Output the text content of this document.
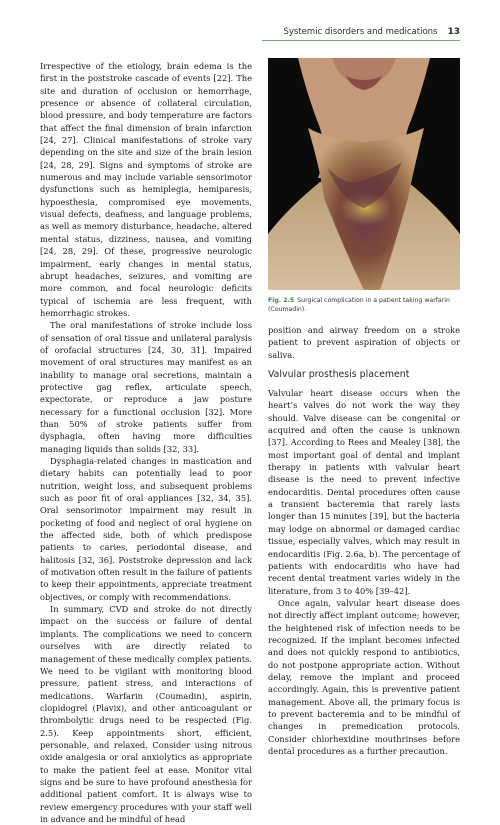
Systemic disorders and medications 13

Irrespective of the etiology, brain edema is the first in the poststroke cascade of events [22]. The site and duration of occlusion or hemorrhage, presence or absence of collateral circulation, blood pressure, and body temperature are factors that affect the final dimension of brain infarction [24, 27]. Clinical manifestations of stroke vary depending on the site and size of the brain lesion [24, 28, 29]. Signs and symptoms of stroke are numerous and may include variable sensorimotor dysfunctions such as hemiplegia, hemiparesis, hypoesthesia, compromised eye movements, visual defects, deafness, and language problems, as well as memory disturbance, headache, altered mental status, dizziness, nausea, and vomiting [24, 28, 29]. Of these, progressive neurologic impairment, early changes in mental status, abrupt headaches, seizures, and vomiting are more common, and focal neurologic deficits typical of ischemia are less frequent, with hemorrhagic strokes.

The oral manifestations of stroke include loss of sensation of oral tissue and unilateral paralysis of orofacial structures [24, 30, 31]. Impaired movement of oral structures may manifest as an inability to manage oral secretions, maintain a protective gag reflex, articulate speech, expectorate, or reproduce a jaw posture necessary for a functional occlusion [32]. More than 50% of stroke patients suffer from dysphagia, often having more difficulties managing liquids than solids [32, 33].

Dysphagia-related changes in mastication and dietary habits can potentially lead to poor nutrition, weight loss, and subsequent problems such as poor fit of oral appliances [32, 34, 35]. Oral sensorimotor impairment may result in pocketing of food and neglect of oral hygiene on the affected side, both of which predispose patients to caries, periodontal disease, and halitosis [32, 36]. Poststroke depression and lack of motivation often result in the failure of patients to keep their appointments, appreciate treatment objectives, or comply with recommendations.

In summary, CVD and stroke do not directly impact on the success or failure of dental implants. The complications we need to concern ourselves with are directly related to management of these medically complex patients. We need to be vigilant with monitoring blood pressure, patient stress, and interactions of medications. Warfarin (Coumadin), aspirin, clopidogrel (Plavix), and other anticoagulant or thrombolytic drugs need to be respected (Fig. 2.5). Keep appointments short, efficient, personable, and relaxed. Consider using nitrous oxide analgesia or oral anxiolytics as appropriate to make the patient feel at ease. Monitor vital signs and be sure to have profound anesthesia for additional patient comfort. It is always wise to review emergency procedures with your staff well in advance and be mindful of head

Fig. 2.5 Surgical complication in a patient taking warfarin (Coumadin).

position and airway freedom on a stroke patient to prevent aspiration of objects or saliva.

Valvular prosthesis placement

Valvular heart disease occurs when the heart’s valves do not work the way they should. Valve disease can be congenital or acquired and often the cause is unknown [37]. According to Rees and Mealey [38], the most important goal of dental and implant therapy in patients with valvular heart disease is the need to prevent infective endocarditis. Dental procedures often cause a transient bacteremia that rarely lasts longer than 15 minutes [39], but the bacteria may lodge on abnormal or damaged cardiac tissue, especially valves, which may result in endocarditis (Fig. 2.6a, b). The percentage of patients with endocarditis who have had recent dental treatment varies widely in the literature, from 3 to 40% [39–42].

Once again, valvular heart disease does not directly affect implant outcome; however, the heightened risk of infection needs to be recognized. If the implant becomes infected and does not quickly respond to antibiotics, do not postpone appropriate action. Without delay, remove the implant and proceed accordingly. Again, this is preventive patient management. Above all, the primary focus is to prevent bacteremia and to be mindful of changes in premedication protocols. Consider chlorhexidine mouthrinses before dental procedures as a further precaution.
